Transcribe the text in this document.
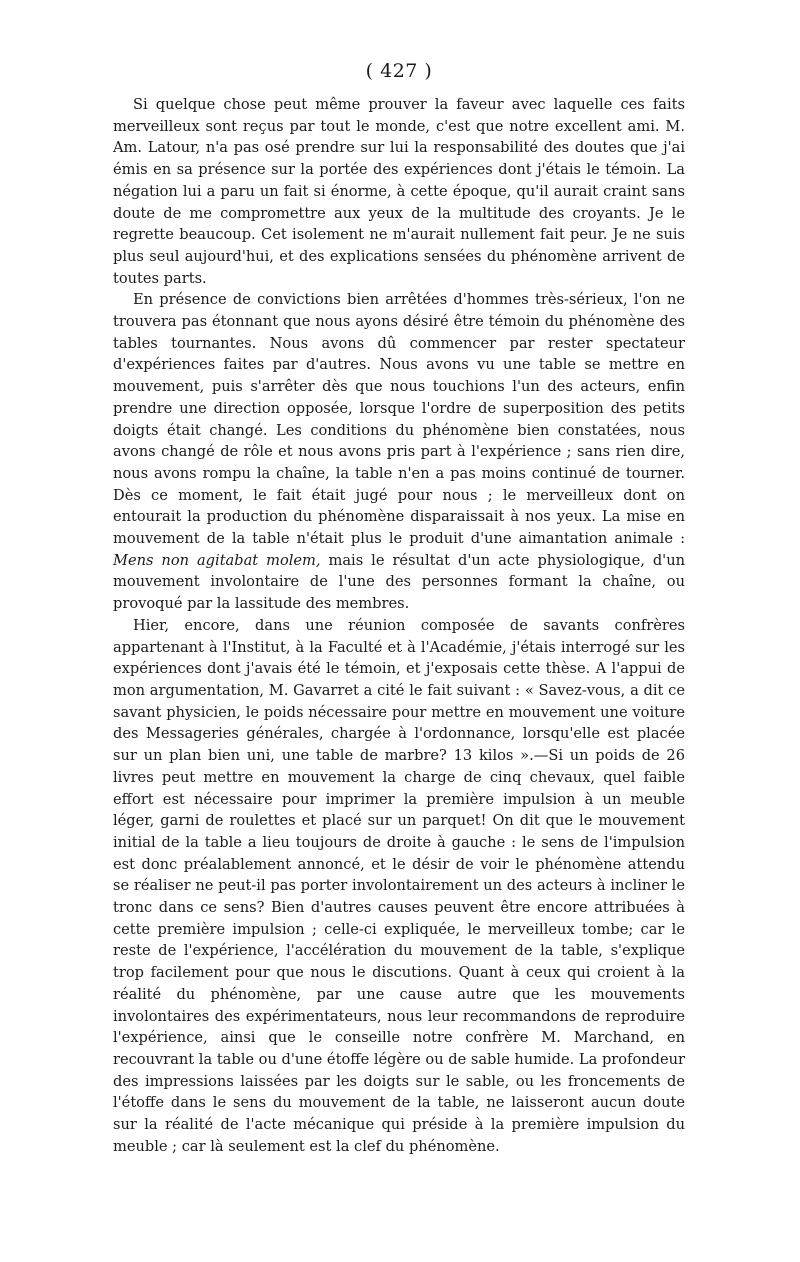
( 427 )

Si quelque chose peut même prouver la faveur avec laquelle ces faits merveilleux sont reçus par tout le monde, c'est que notre excellent ami. M. Am. Latour, n'a pas osé prendre sur lui la responsabilité des doutes que j'ai émis en sa présence sur la portée des expériences dont j'étais le témoin. La négation lui a paru un fait si énorme, à cette époque, qu'il aurait craint sans doute de me compromettre aux yeux de la multitude des croyants. Je le regrette beaucoup. Cet isolement ne m'aurait nullement fait peur. Je ne suis plus seul aujourd'hui, et des explications sensées du phénomène arrivent de toutes parts.

En présence de convictions bien arrêtées d'hommes très-sérieux, l'on ne trouvera pas étonnant que nous ayons désiré être témoin du phénomène des tables tournantes. Nous avons dû commencer par rester spectateur d'expériences faites par d'autres. Nous avons vu une table se mettre en mouvement, puis s'arrêter dès que nous touchions l'un des acteurs, enfin prendre une direction opposée, lorsque l'ordre de superposition des petits doigts était changé. Les conditions du phénomène bien constatées, nous avons changé de rôle et nous avons pris part à l'expérience ; sans rien dire, nous avons rompu la chaîne, la table n'en a pas moins continué de tourner. Dès ce moment, le fait était jugé pour nous ; le merveilleux dont on entourait la production du phénomène disparaissait à nos yeux. La mise en mouvement de la table n'était plus le produit d'une aimantation animale : Mens non agitabat molem, mais le résultat d'un acte physiologique, d'un mouvement involontaire de l'une des personnes formant la chaîne, ou provoqué par la lassitude des membres.

Hier, encore, dans une réunion composée de savants confrères appartenant à l'Institut, à la Faculté et à l'Académie, j'étais interrogé sur les expériences dont j'avais été le témoin, et j'exposais cette thèse. A l'appui de mon argumentation, M. Gavarret a cité le fait suivant : « Savez-vous, a dit ce savant physicien, le poids nécessaire pour mettre en mouvement une voiture des Messageries générales, chargée à l'ordonnance, lorsqu'elle est placée sur un plan bien uni, une table de marbre? 13 kilos ».—Si un poids de 26 livres peut mettre en mouvement la charge de cinq chevaux, quel faible effort est nécessaire pour imprimer la première impulsion à un meuble léger, garni de roulettes et placé sur un parquet! On dit que le mouvement initial de la table a lieu toujours de droite à gauche : le sens de l'impulsion est donc préalablement annoncé, et le désir de voir le phénomène attendu se réaliser ne peut-il pas porter involontairement un des acteurs à incliner le tronc dans ce sens? Bien d'autres causes peuvent être encore attribuées à cette première impulsion ; celle-ci expliquée, le merveilleux tombe; car le reste de l'expérience, l'accélération du mouvement de la table, s'explique trop facilement pour que nous le discutions. Quant à ceux qui croient à la réalité du phénomène, par une cause autre que les mouvements involontaires des expérimentateurs, nous leur recommandons de reproduire l'expérience, ainsi que le conseille notre confrère M. Marchand, en recouvrant la table ou d'une étoffe légère ou de sable humide. La profondeur des impressions laissées par les doigts sur le sable, ou les froncements de l'étoffe dans le sens du mouvement de la table, ne laisseront aucun doute sur la réalité de l'acte mécanique qui préside à la première impulsion du meuble ; car là seulement est la clef du phénomène.
